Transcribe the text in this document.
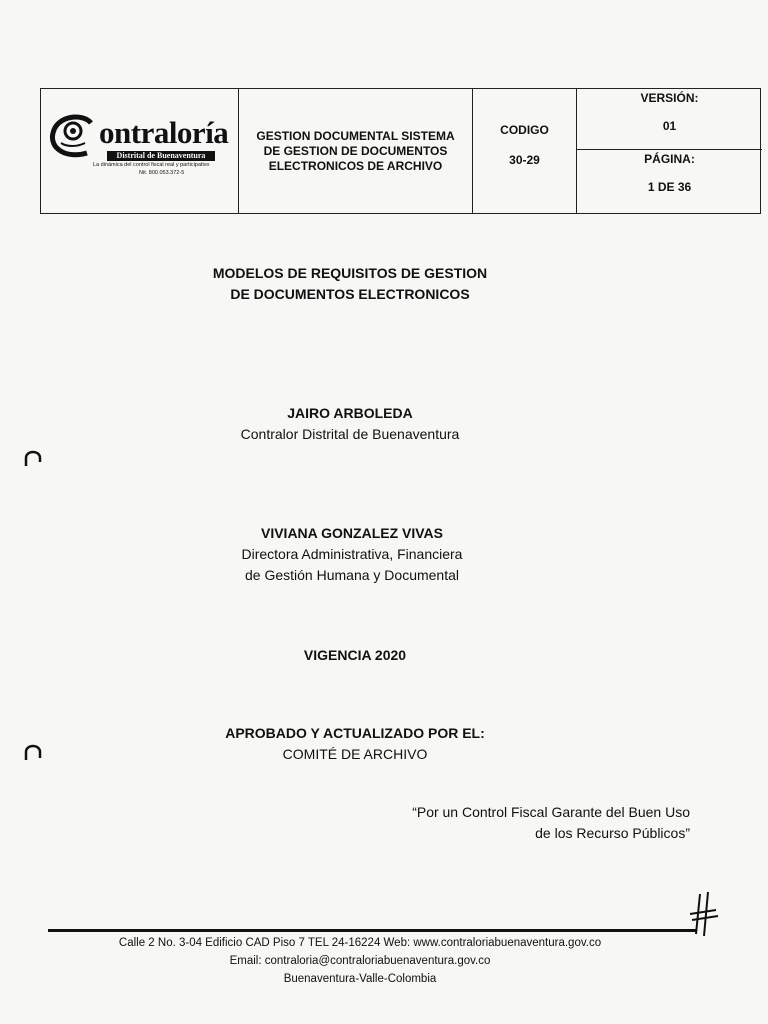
ontraloría
Distrital de Buenaventura
La dinámica del control fiscal real y participativo
Nit. 800.053.372-5
GESTION DOCUMENTAL SISTEMA DE GESTION DE DOCUMENTOS ELECTRONICOS DE ARCHIVO
CODIGO
30-29
VERSIÓN:
01
PÁGINA:
1 DE 36
MODELOS DE REQUISITOS DE GESTION
DE DOCUMENTOS ELECTRONICOS
JAIRO ARBOLEDA
Contralor Distrital de Buenaventura
VIVIANA GONZALEZ VIVAS
Directora Administrativa, Financiera
de Gestión Humana y Documental
VIGENCIA 2020
APROBADO Y ACTUALIZADO POR EL:
COMITÉ DE ARCHIVO
“Por un Control Fiscal Garante del Buen Uso
de los Recurso Públicos”
Calle 2 No. 3-04 Edificio CAD Piso 7 TEL 24-16224 Web: www.contraloriabuenaventura.gov.co
Email: contraloria@contraloriabuenaventura.gov.co
Buenaventura-Valle-Colombia
